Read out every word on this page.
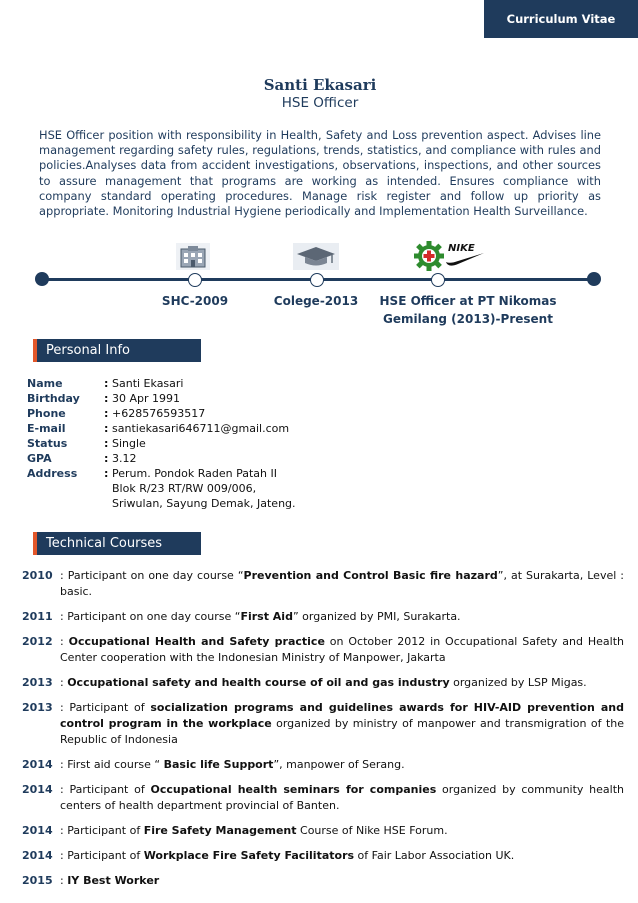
Curriculum Vitae
Santi Ekasari
HSE Officer
HSE Officer position with responsibility in Health, Safety and Loss prevention aspect. Advises line management regarding safety rules, regulations, trends, statistics, and compliance with rules and policies.Analyses data from accident investigations, observations, inspections, and other sources to assure management that programs are working as intended. Ensures compliance with company standard operating procedures. Manage risk register and follow up priority as appropriate. Monitoring Industrial Hygiene periodically and Implementation Health Surveillance.
NIKE
SHC-2009	Colege-2013	HSE Officer at PT Nikomas
Gemilang (2013)-Present
Personal Info
Name	: Santi Ekasari
Birthday	: 30 Apr 1991
Phone	: +628576593517
E-mail	: santiekasari646711@gmail.com
Status	: Single
GPA	: 3.12
Address	: Perum. Pondok Raden Patah II
Blok R/23 RT/RW 009/006,
Sriwulan, Sayung Demak, Jateng.
Technical Courses
2010 : Participant on one day course “Prevention and Control Basic fire hazard”, at Surakarta, Level : basic.
2011 : Participant on one day course “First Aid” organized by PMI, Surakarta.
2012 : Occupational Health and Safety practice on October 2012 in Occupational Safety and Health Center cooperation with the Indonesian Ministry of Manpower, Jakarta
2013 : Occupational safety and health course of oil and gas industry organized by LSP Migas.
2013 : Participant of socialization programs and guidelines awards for HIV-AID prevention and control program in the workplace organized by ministry of manpower and transmigration of the Republic of Indonesia
2014 : First aid course “ Basic life Support”, manpower of Serang.
2014 : Participant of Occupational health seminars for companies organized by community health centers of health department provincial of Banten.
2014 : Participant of Fire Safety Management Course of Nike HSE Forum.
2014 : Participant of Workplace Fire Safety Facilitators of Fair Labor Association UK.
2015 : IY Best Worker
